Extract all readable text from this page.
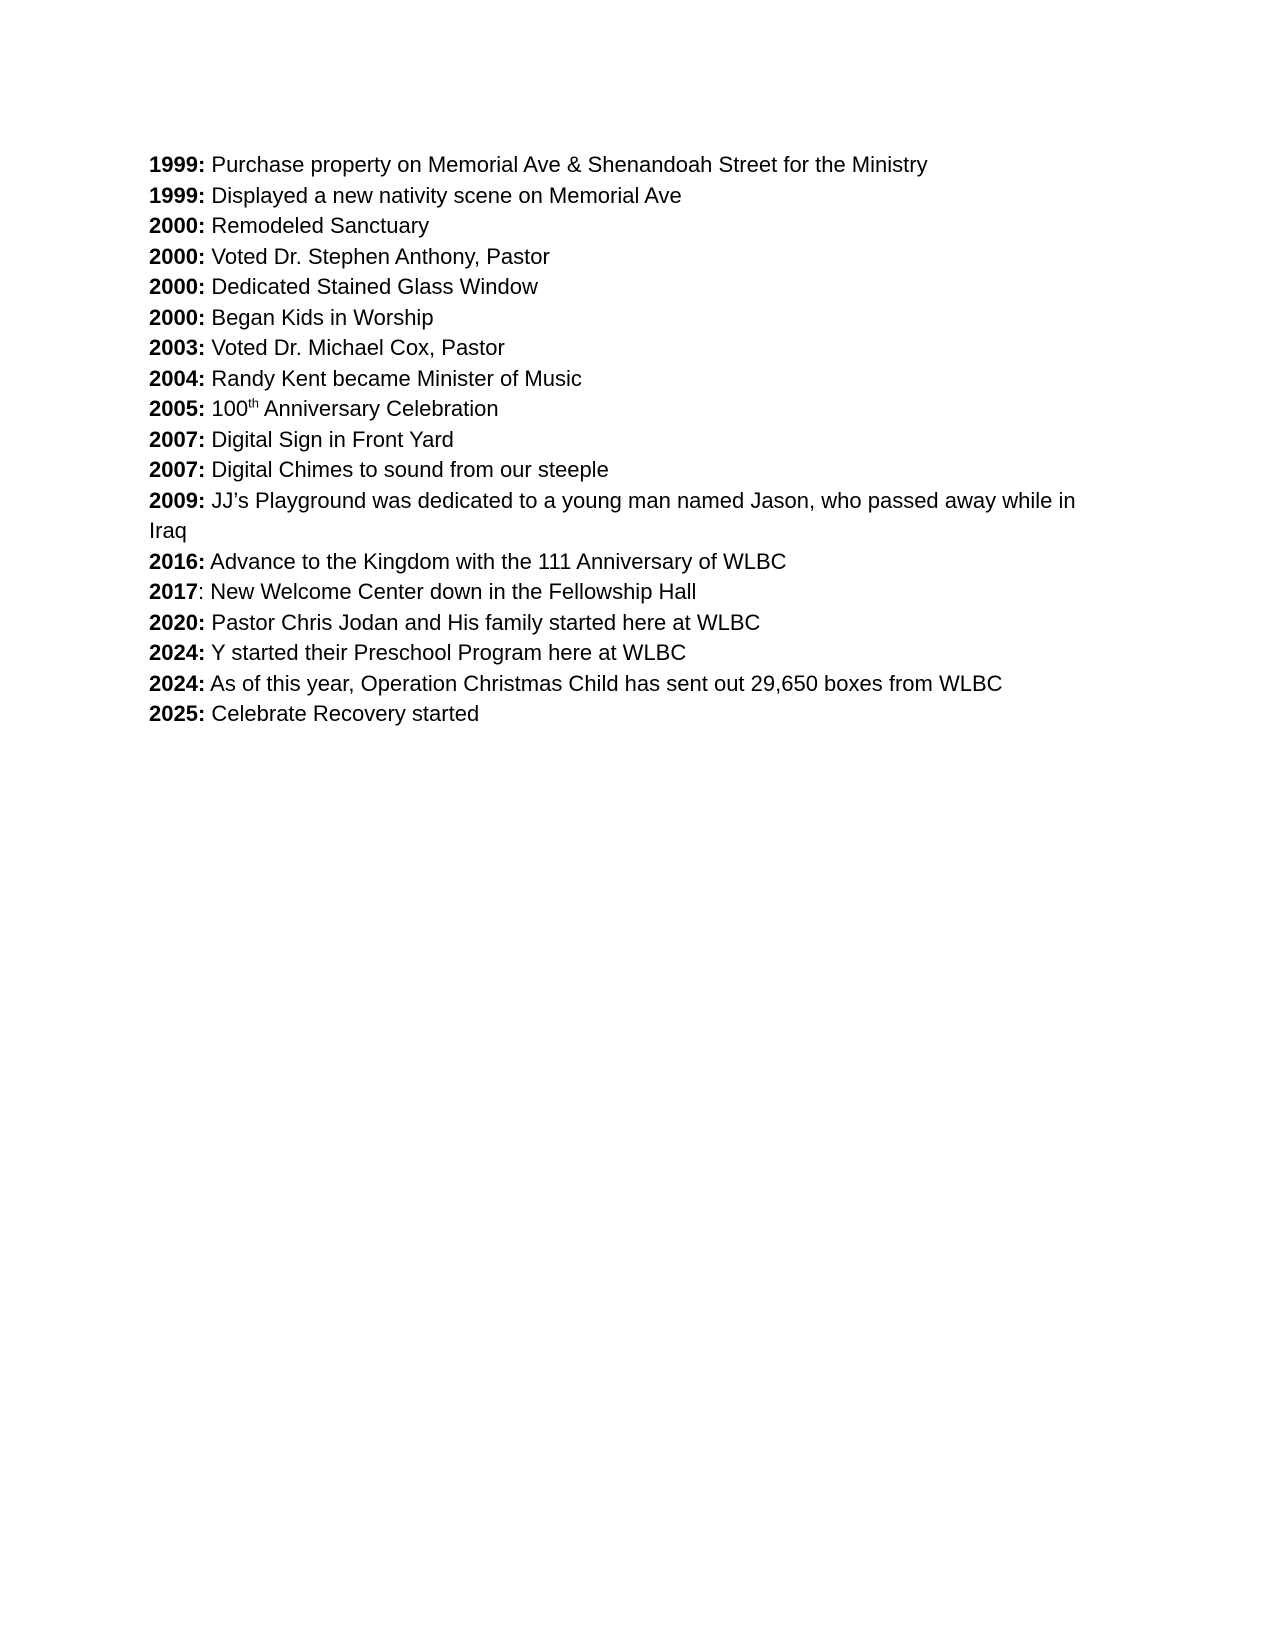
1999: Purchase property on Memorial Ave & Shenandoah Street for the Ministry
1999: Displayed a new nativity scene on Memorial Ave
2000: Remodeled Sanctuary
2000: Voted Dr. Stephen Anthony, Pastor
2000: Dedicated Stained Glass Window
2000: Began Kids in Worship
2003: Voted Dr. Michael Cox, Pastor
2004: Randy Kent became Minister of Music
2005: 100th Anniversary Celebration
2007: Digital Sign in Front Yard
2007: Digital Chimes to sound from our steeple
2009: JJ’s Playground was dedicated to a young man named Jason, who passed away while in Iraq
2016: Advance to the Kingdom with the 111 Anniversary of WLBC
2017: New Welcome Center down in the Fellowship Hall
2020: Pastor Chris Jodan and His family started here at WLBC
2024: Y started their Preschool Program here at WLBC
2024: As of this year, Operation Christmas Child has sent out 29,650 boxes from WLBC
2025: Celebrate Recovery started
